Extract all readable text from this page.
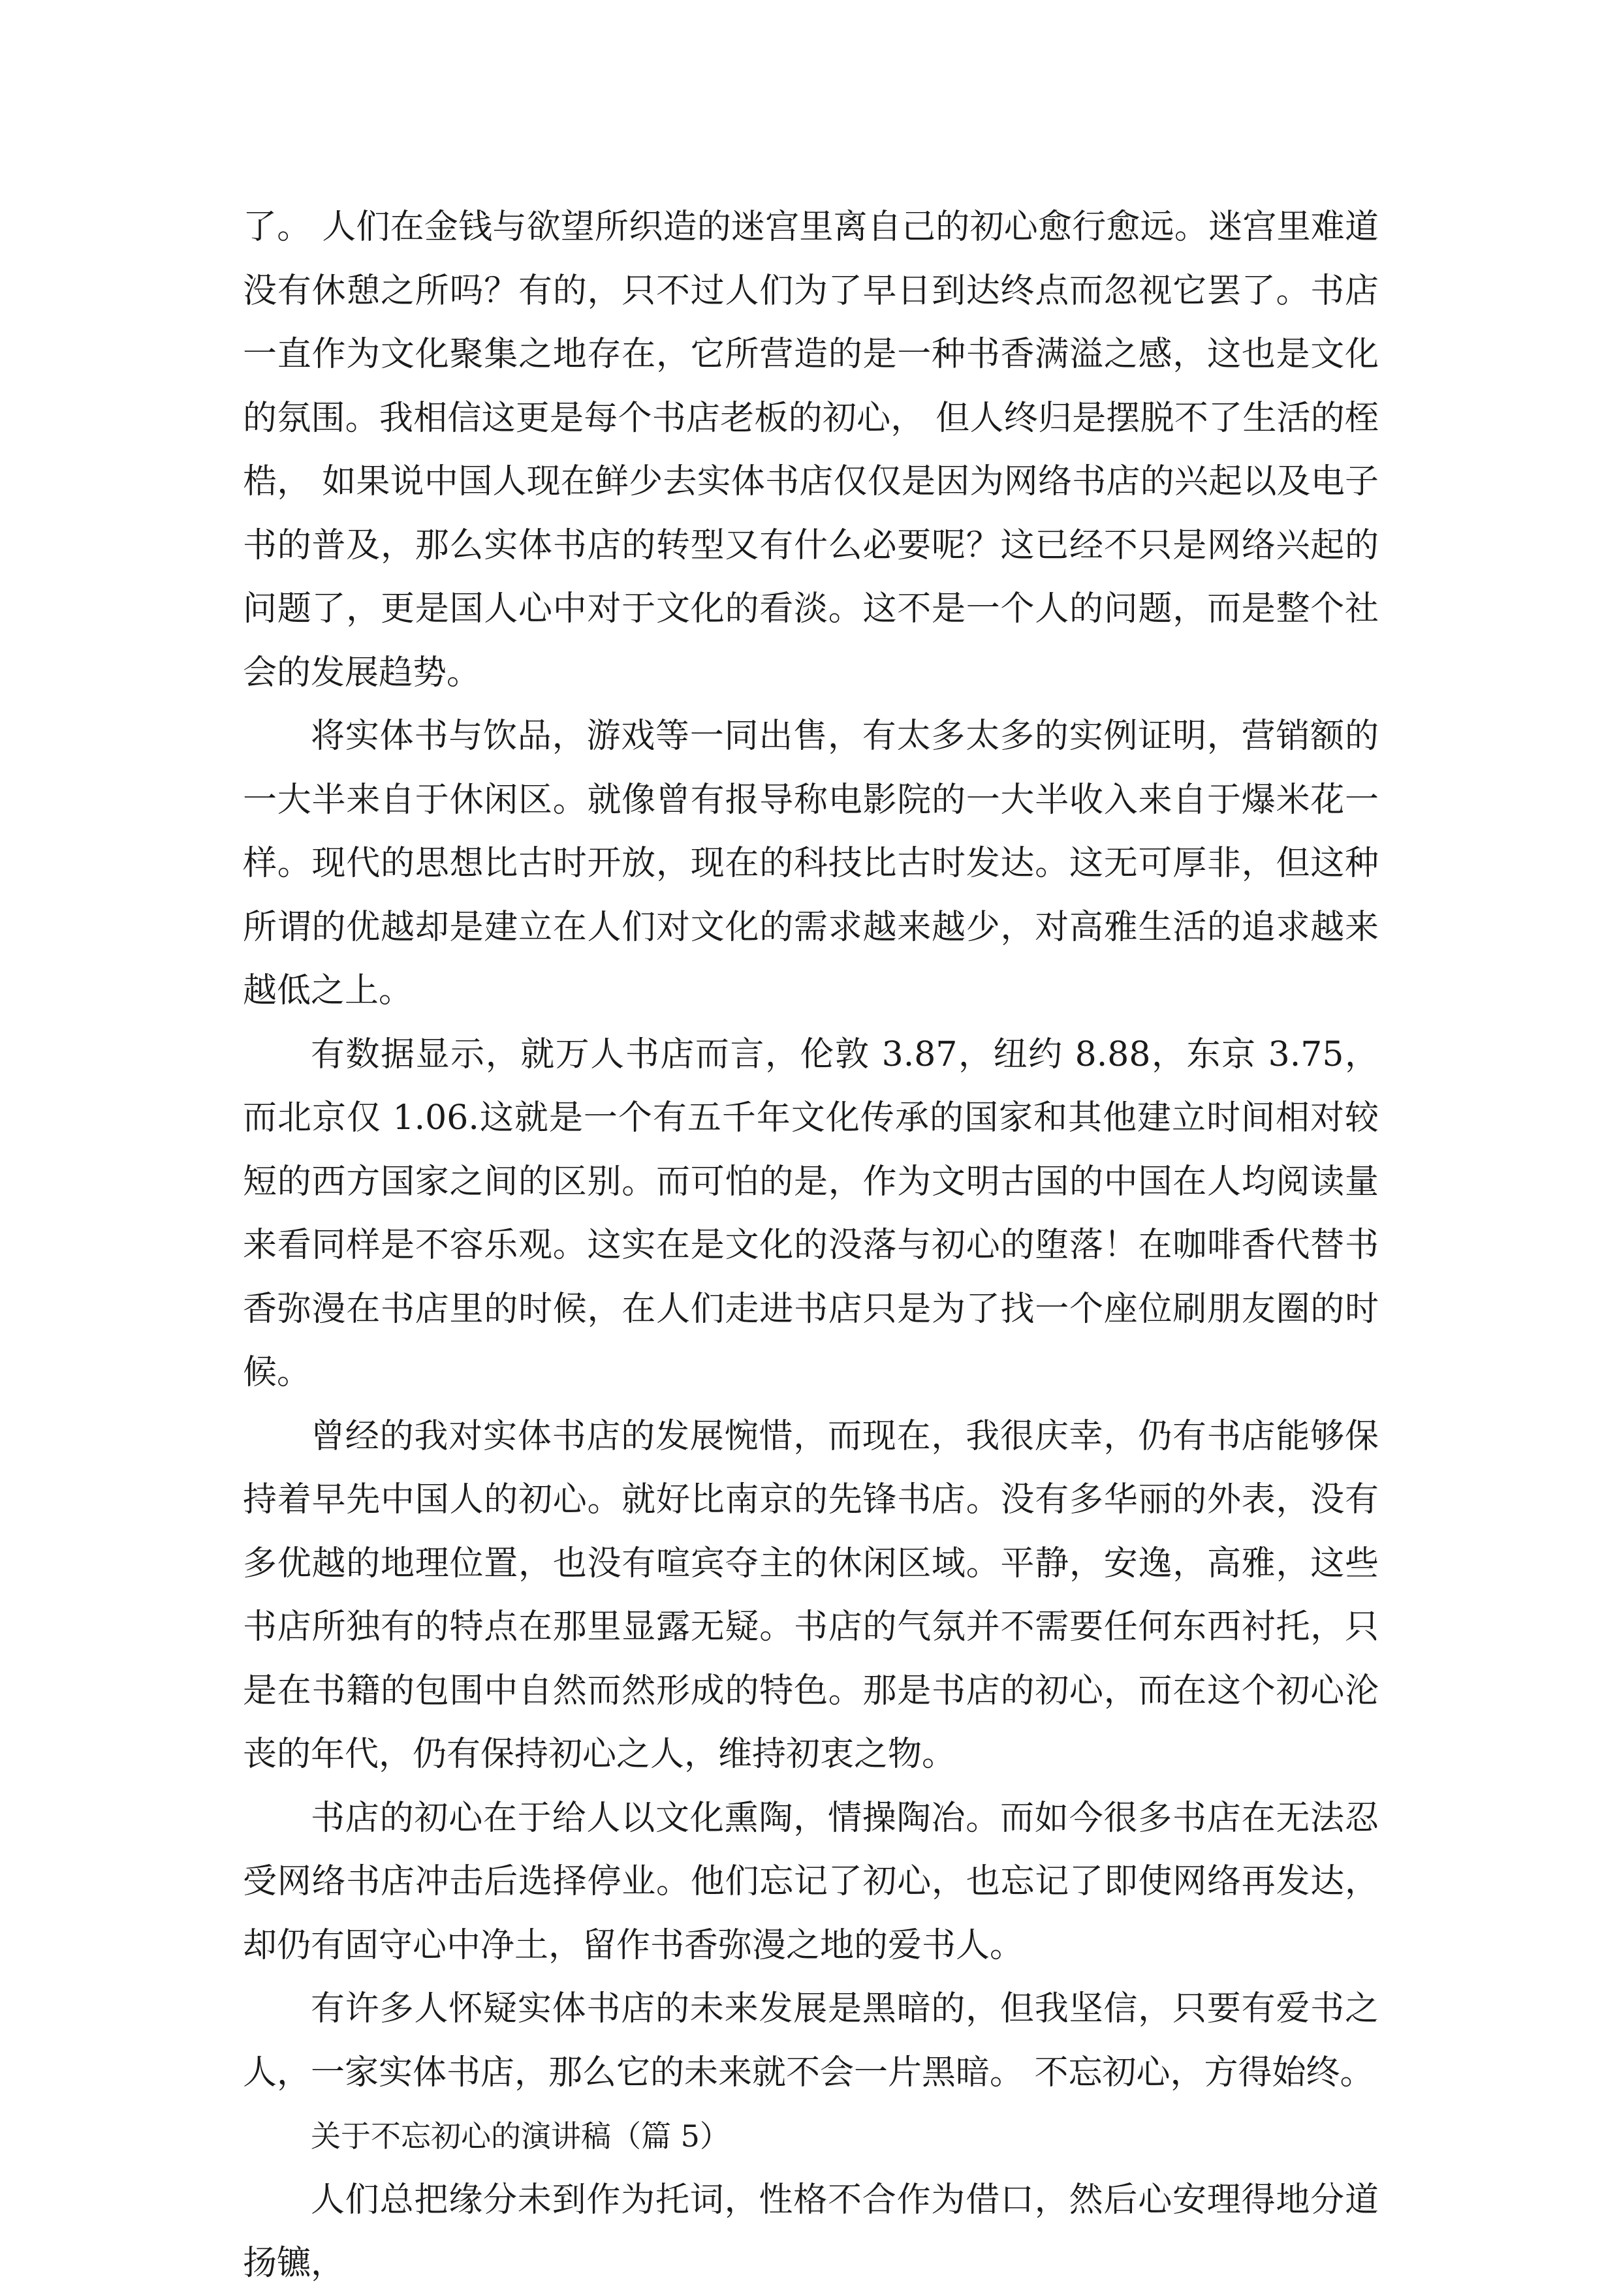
了。 人们在金钱与欲望所织造的迷宫里离自己的初心愈行愈远。迷宫里难道没有休憩之所吗？有的，只不过人们为了早日到达终点而忽视它罢了。书店一直作为文化聚集之地存在，它所营造的是一种书香满溢之感，这也是文化的氛围。我相信这更是每个书店老板的初心， 但人终归是摆脱不了生活的桎梏， 如果说中国人现在鲜少去实体书店仅仅是因为网络书店的兴起以及电子书的普及，那么实体书店的转型又有什么必要呢？这已经不只是网络兴起的问题了，更是国人心中对于文化的看淡。这不是一个人的问题，而是整个社会的发展趋势。

将实体书与饮品，游戏等一同出售，有太多太多的实例证明，营销额的一大半来自于休闲区。就像曾有报导称电影院的一大半收入来自于爆米花一样。现代的思想比古时开放，现在的科技比古时发达。这无可厚非，但这种所谓的优越却是建立在人们对文化的需求越来越少，对高雅生活的追求越来越低之上。

有数据显示，就万人书店而言，伦敦 3.87，纽约 8.88，东京 3.75，而北京仅 1.06.这就是一个有五千年文化传承的国家和其他建立时间相对较短的西方国家之间的区别。而可怕的是，作为文明古国的中国在人均阅读量来看同样是不容乐观。这实在是文化的没落与初心的堕落！在咖啡香代替书香弥漫在书店里的时候，在人们走进书店只是为了找一个座位刷朋友圈的时候。

曾经的我对实体书店的发展惋惜，而现在，我很庆幸，仍有书店能够保持着早先中国人的初心。就好比南京的先锋书店。没有多华丽的外表，没有多优越的地理位置，也没有喧宾夺主的休闲区域。平静，安逸，高雅，这些书店所独有的特点在那里显露无疑。书店的气氛并不需要任何东西衬托，只是在书籍的包围中自然而然形成的特色。那是书店的初心，而在这个初心沦丧的年代，仍有保持初心之人，维持初衷之物。

书店的初心在于给人以文化熏陶，情操陶冶。而如今很多书店在无法忍受网络书店冲击后选择停业。他们忘记了初心，也忘记了即使网络再发达，却仍有固守心中净土，留作书香弥漫之地的爱书人。

有许多人怀疑实体书店的未来发展是黑暗的，但我坚信，只要有爱书之人，一家实体书店，那么它的未来就不会一片黑暗。 不忘初心，方得始终。

关于不忘初心的演讲稿（篇 5）

人们总把缘分未到作为托词，性格不合作为借口，然后心安理得地分道扬镳，
